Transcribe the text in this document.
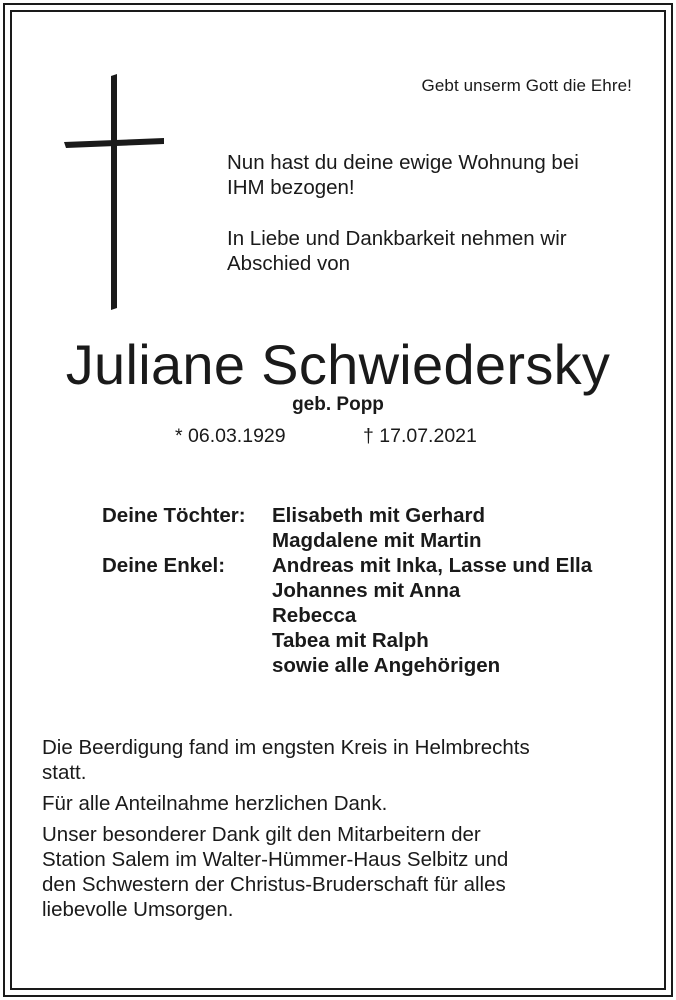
Gebt unserm Gott die Ehre!

Nun hast du deine ewige Wohnung bei
IHM bezogen!

In Liebe und Dankbarkeit nehmen wir
Abschied von

Juliane Schwiedersky
geb. Popp
* 06.03.1929	† 17.07.2021
Deine Töchter:	Elisabeth mit Gerhard
Magdalene mit Martin
Deine Enkel:	Andreas mit Inka, Lasse und Ella
Johannes mit Anna
Rebecca
Tabea mit Ralph
sowie alle Angehörigen

Die Beerdigung fand im engsten Kreis in Helmbrechts
statt.

Für alle Anteilnahme herzlichen Dank.

Unser besonderer Dank gilt den Mitarbeitern der
Station Salem im Walter-Hümmer-Haus Selbitz und
den Schwestern der Christus-Bruderschaft für alles
liebevolle Umsorgen.
